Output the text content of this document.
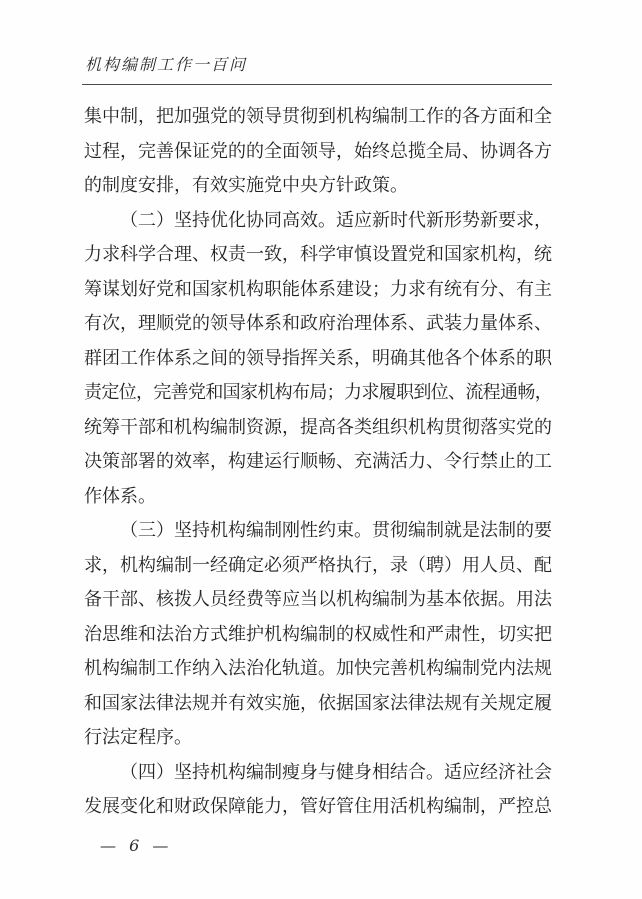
机构编制工作一百问
集中制，把加强党的领导贯彻到机构编制工作的各方面和全
过程，完善保证党的的全面领导，始终总揽全局、协调各方
的制度安排，有效实施党中央方针政策。
（二）坚持优化协同高效。适应新时代新形势新要求，
力求科学合理、权责一致，科学审慎设置党和国家机构，统
筹谋划好党和国家机构职能体系建设；力求有统有分、有主
有次，理顺党的领导体系和政府治理体系、武装力量体系、
群团工作体系之间的领导指挥关系，明确其他各个体系的职
责定位，完善党和国家机构布局；力求履职到位、流程通畅，
统筹干部和机构编制资源，提高各类组织机构贯彻落实党的
决策部署的效率，构建运行顺畅、充满活力、令行禁止的工
作体系。
（三）坚持机构编制刚性约束。贯彻编制就是法制的要
求，机构编制一经确定必须严格执行，录（聘）用人员、配
备干部、核拨人员经费等应当以机构编制为基本依据。用法
治思维和法治方式维护机构编制的权威性和严肃性，切实把
机构编制工作纳入法治化轨道。加快完善机构编制党内法规
和国家法律法规并有效实施，依据国家法律法规有关规定履
行法定程序。
（四）坚持机构编制瘦身与健身相结合。适应经济社会
发展变化和财政保障能力，管好管住用活机构编制，严控总
— 6 —
